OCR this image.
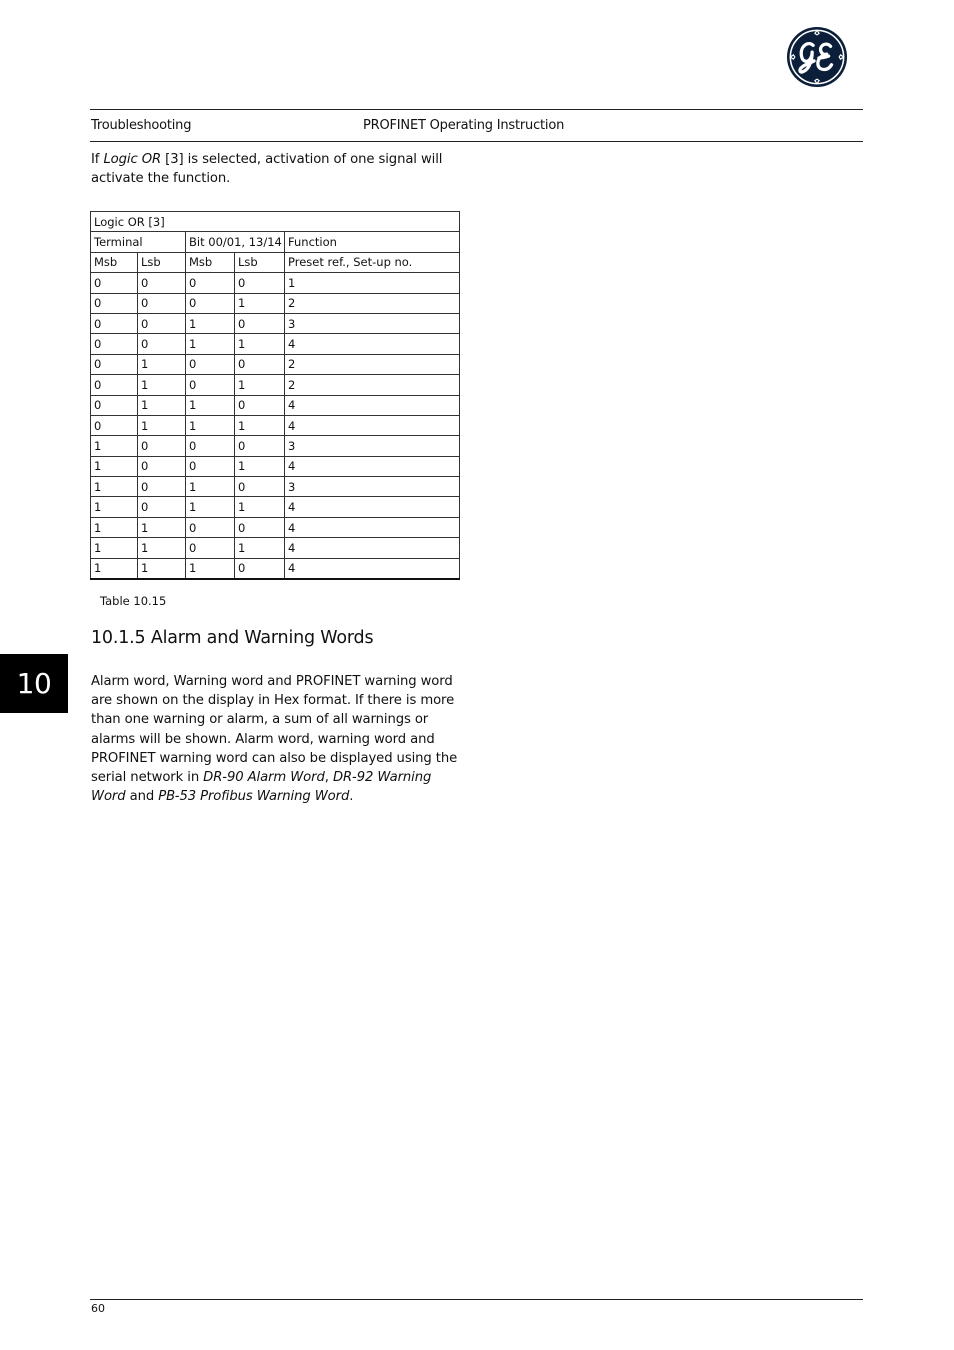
Troubleshooting	PROFINET Operating Instruction
If Logic OR [3] is selected, activation of one signal will activate the function.
Logic OR [3]				
Terminal		Bit 00/01, 13/14		Function
Msb	Lsb	Msb	Lsb	Preset ref., Set-up no.
0	0	0	0	1
0	0	0	1	2
0	0	1	0	3
0	0	1	1	4
0	1	0	0	2
0	1	0	1	2
0	1	1	0	4
0	1	1	1	4
1	0	0	0	3
1	0	0	1	4
1	0	1	0	3
1	0	1	1	4
1	1	0	0	4
1	1	0	1	4
1	1	1	0	4
Table 10.15
10.1.5 Alarm and Warning Words
Alarm word, Warning word and PROFINET warning word are shown on the display in Hex format. If there is more than one warning or alarm, a sum of all warnings or alarms will be shown. Alarm word, warning word and PROFINET warning word can also be displayed using the serial network in DR-90 Alarm Word, DR-92 Warning Word and PB-53 Profibus Warning Word.
10
60
